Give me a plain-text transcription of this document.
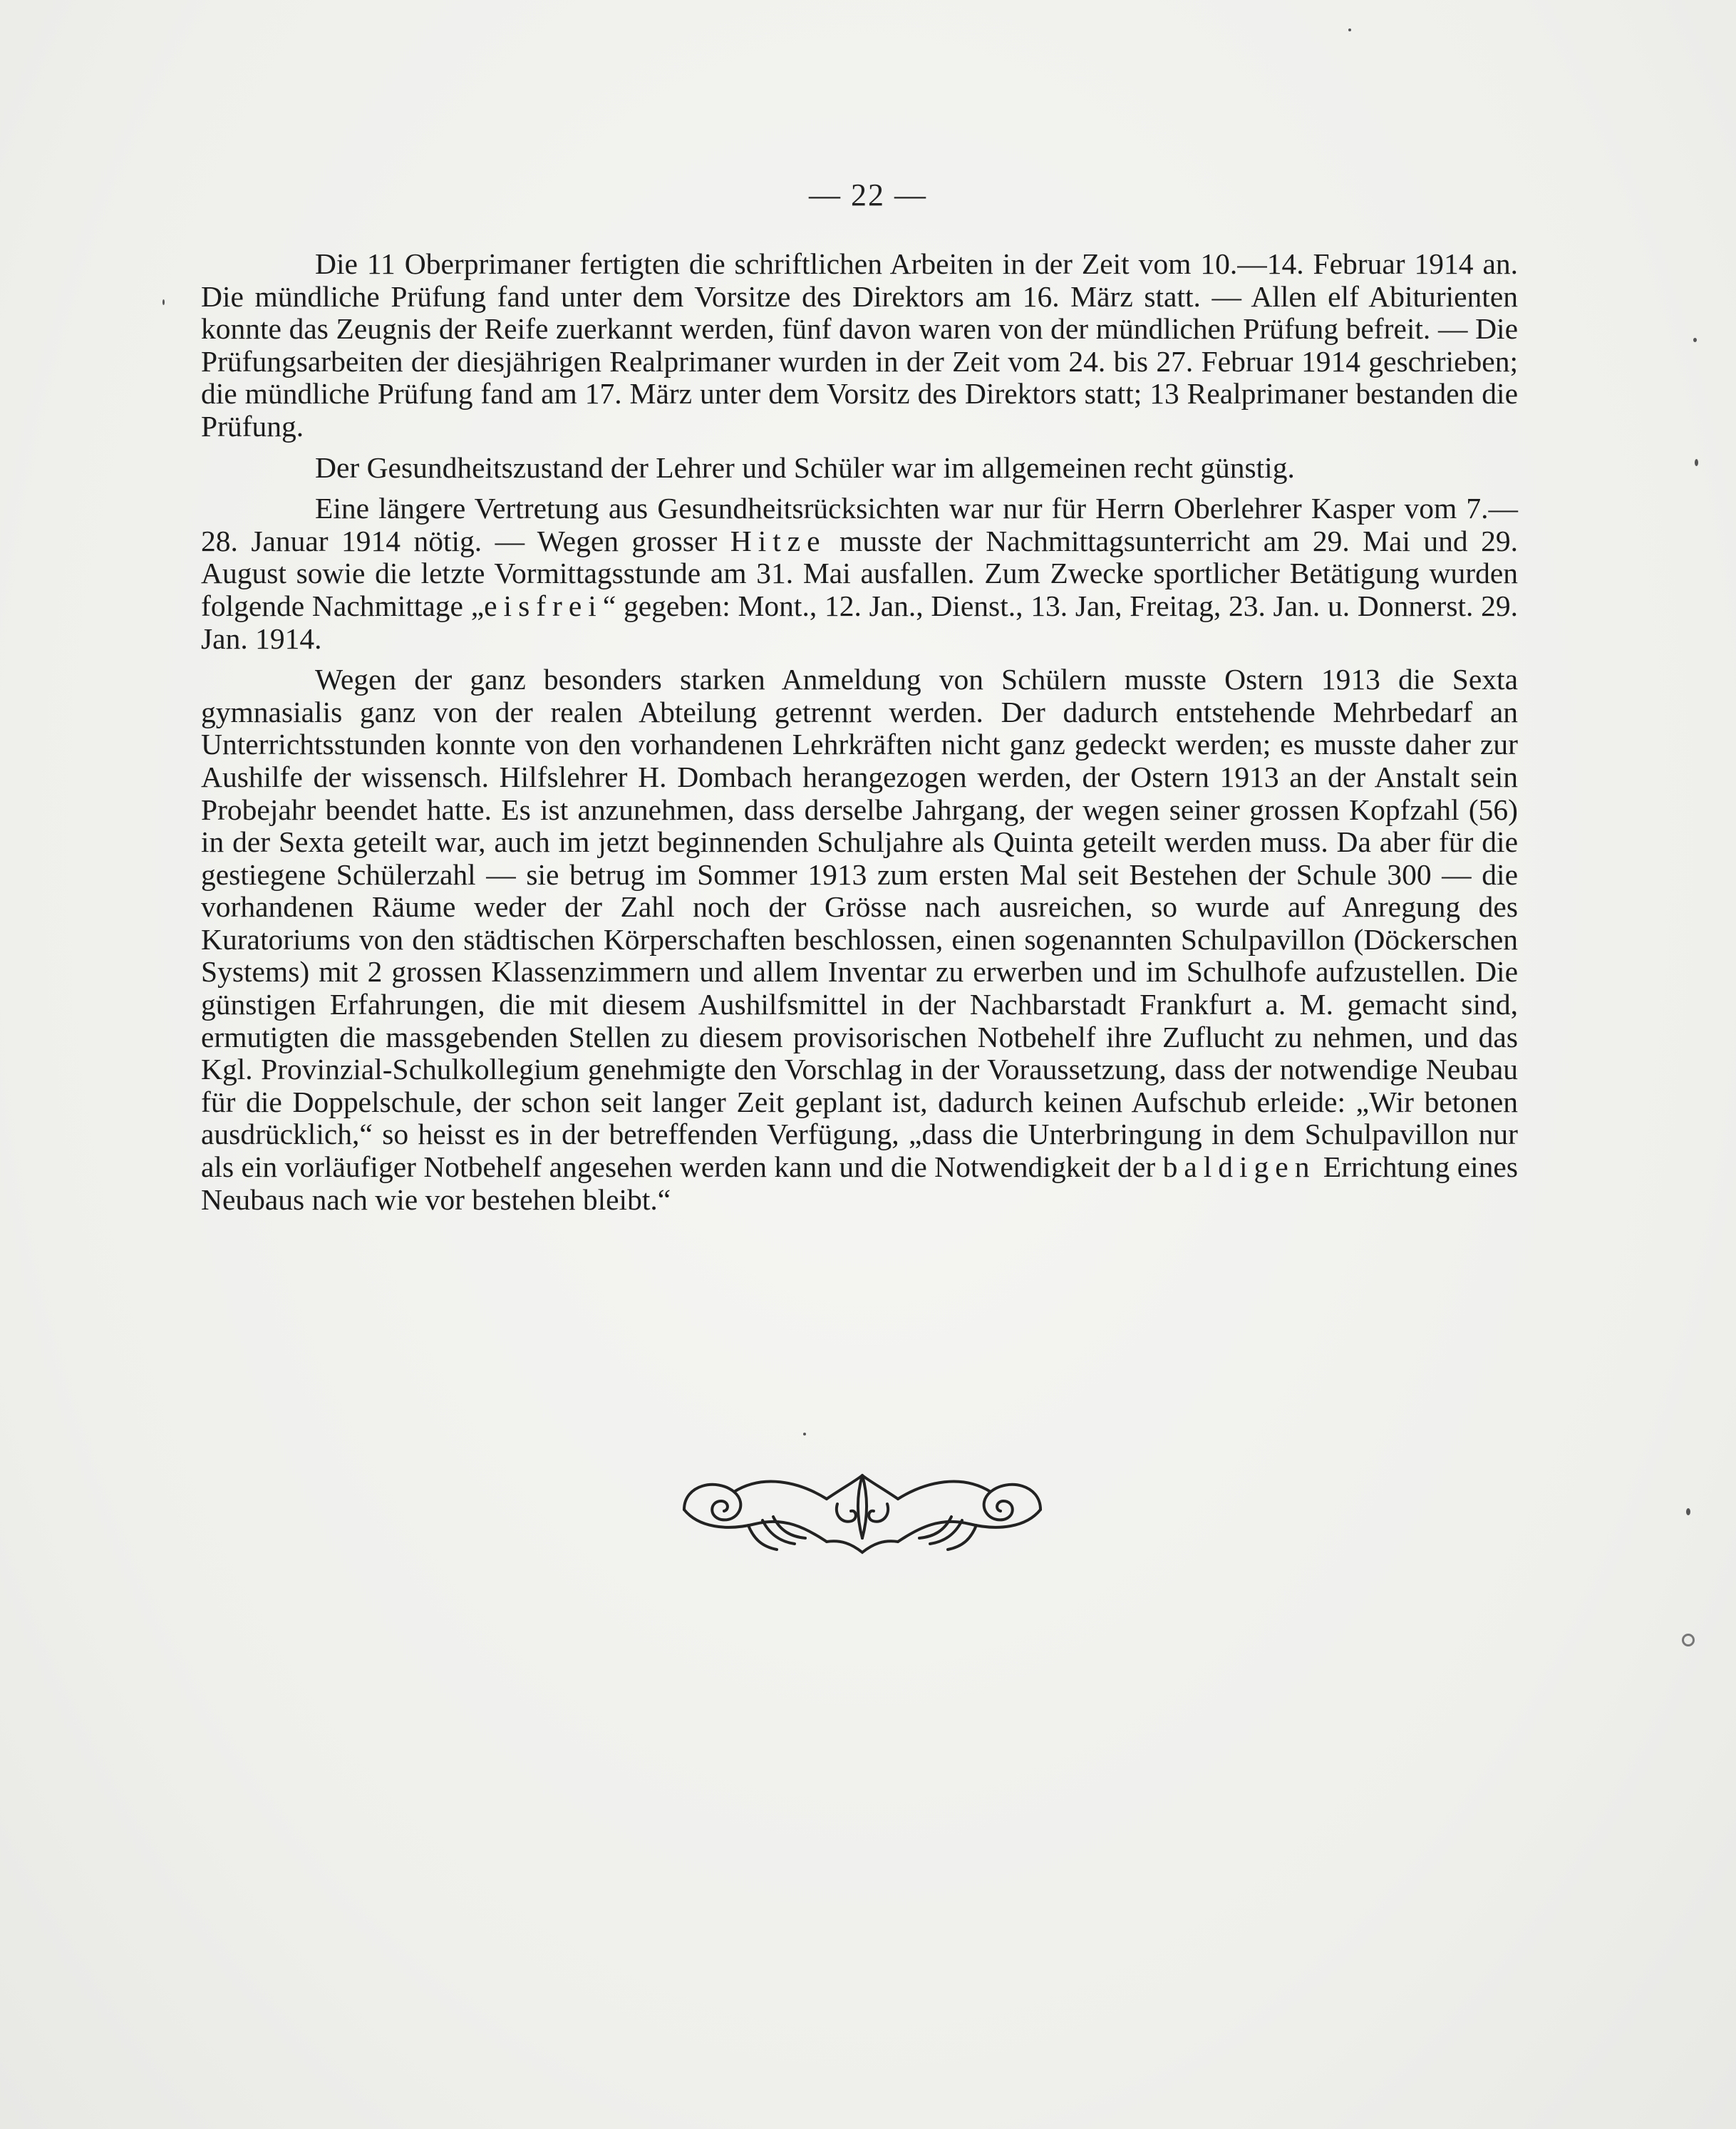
— 22 —

Die 11 Oberprimaner fertigten die schriftlichen Arbeiten in der Zeit vom 10.—14. Februar 1914 an. Die mündliche Prüfung fand unter dem Vorsitze des Direktors am 16. März statt. — Allen elf Abiturienten konnte das Zeugnis der Reife zuerkannt werden, fünf davon waren von der mündlichen Prüfung befreit. — Die Prüfungsarbeiten der diesjährigen Realprimaner wurden in der Zeit vom 24. bis 27. Februar 1914 geschrieben; die mündliche Prüfung fand am 17. März unter dem Vorsitz des Direktors statt; 13 Realprimaner bestanden die Prüfung.

Der Gesundheitszustand der Lehrer und Schüler war im allgemeinen recht günstig.

Eine längere Vertretung aus Gesundheitsrücksichten war nur für Herrn Oberlehrer Kasper vom 7.—28. Januar 1914 nötig. — Wegen grosser Hitze musste der Nachmittagsunterricht am 29. Mai und 29. August sowie die letzte Vormittagsstunde am 31. Mai ausfallen. Zum Zwecke sportlicher Betätigung wurden folgende Nachmittage „eisfrei“ gegeben: Mont., 12. Jan., Dienst., 13. Jan, Freitag, 23. Jan. u. Donnerst. 29. Jan. 1914.

Wegen der ganz besonders starken Anmeldung von Schülern musste Ostern 1913 die Sexta gymnasialis ganz von der realen Abteilung getrennt werden. Der dadurch entstehende Mehrbedarf an Unterrichtsstunden konnte von den vorhandenen Lehrkräften nicht ganz gedeckt werden; es musste daher zur Aushilfe der wissensch. Hilfslehrer H. Dombach herangezogen werden, der Ostern 1913 an der Anstalt sein Probejahr beendet hatte. Es ist anzunehmen, dass derselbe Jahrgang, der wegen seiner grossen Kopfzahl (56) in der Sexta geteilt war, auch im jetzt beginnenden Schuljahre als Quinta geteilt werden muss. Da aber für die gestiegene Schülerzahl — sie betrug im Sommer 1913 zum ersten Mal seit Bestehen der Schule 300 — die vorhandenen Räume weder der Zahl noch der Grösse nach ausreichen, so wurde auf Anregung des Kuratoriums von den städtischen Körperschaften beschlossen, einen sogenannten Schulpavillon (Döckerschen Systems) mit 2 grossen Klassenzimmern und allem Inventar zu erwerben und im Schulhofe aufzustellen. Die günstigen Erfahrungen, die mit diesem Aushilfsmittel in der Nachbarstadt Frankfurt a. M. gemacht sind, ermutigten die massgebenden Stellen zu diesem provisorischen Notbehelf ihre Zuflucht zu nehmen, und das Kgl. Provinzial-Schulkollegium genehmigte den Vorschlag in der Voraussetzung, dass der notwendige Neubau für die Doppelschule, der schon seit langer Zeit geplant ist, dadurch keinen Aufschub erleide: „Wir betonen ausdrücklich,“ so heisst es in der betreffenden Verfügung, „dass die Unterbringung in dem Schulpavillon nur als ein vorläufiger Notbehelf angesehen werden kann und die Notwendigkeit der baldigen Errichtung eines Neubaus nach wie vor bestehen bleibt.“
